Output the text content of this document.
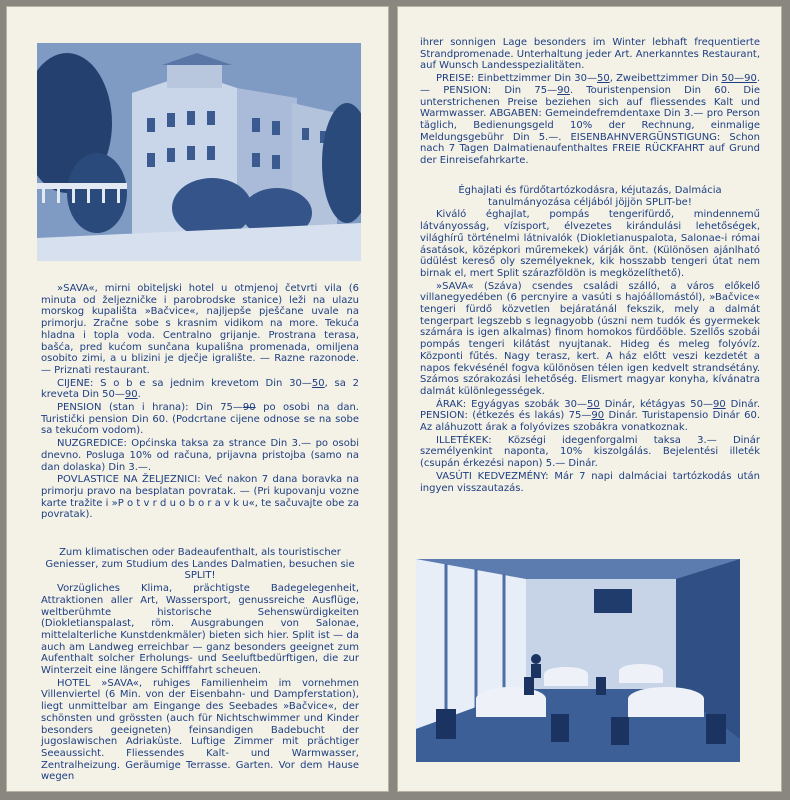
»SAVA«, mirni obiteljski hotel u otmjenoj četvrti vila (6 minuta od željezničke i parobrodske stanice) leži na ulazu morskog kupališta »Bačvice«, najljepše pješčane uvale na primorju. Zračne sobe s krasnim vidikom na more. Tekuća hladna i topla voda. Centralno grijanje. Prostrana terasa, bašća, pred kućom sunčana kupališna promenada, omiljena osobito zimi, a u blizini je dječje igralište. — Razne razonode. — Priznati restaurant.

CIJENE: S o b e sa jednim krevetom Din 30—50, sa 2 kreveta Din 50—90.

PENSION (stan i hrana): Din 75—90 po osobi na dan. Turistički pension Din 60. (Podcrtane cijene odnose se na sobe sa tekućom vodom).

NUZGREDICE: Općinska taksa za strance Din 3.— po osobi dnevno. Posluga 10% od računa, prijavna pristojba (samo na dan dolaska) Din 3.—.

POVLASTICE NA ŽELJEZNICI: Već nakon 7 dana boravka na primorju pravo na besplatan povratak. — (Pri kupovanju vozne karte tražite i »P o t v r d u o b o r a v k u«, te sačuvajte obe za povratak).

Zum klimatischen oder Badeaufenthalt, als touristischer Geniesser, zum Studium des Landes Dalmatien, besuchen sie SPLIT!

Vorzügliches Klima, prächtigste Badegelegenheit, Attraktionen aller Art, Wassersport, genussreiche Ausflüge, weltberühmte historische Sehenswürdigkeiten (Diokletianspalast, röm. Ausgrabungen von Salonae, mittelalterliche Kunstdenkmäler) bieten sich hier. Split ist — da auch am Landweg erreichbar — ganz besonders geeignet zum Aufenthalt solcher Erholungs- und Seeluftbedürftigen, die zur Winterzeit eine längere Schifffahrt scheuen.

HOTEL »SAVA«, ruhiges Familienheim im vornehmen Villenviertel (6 Min. von der Eisenbahn- und Dampferstation), liegt unmittelbar am Eingange des Seebades »Bačvice«, der schönsten und grössten (auch für Nichtschwimmer und Kinder besonders geeigneten) feinsandigen Badebucht der jugoslawischen Adriaküste. Luftige Zimmer mit prächtiger Seeaussicht. Fliessendes Kalt- und Warmwasser, Zentralheizung. Geräumige Terrasse. Garten. Vor dem Hause wegen

ihrer sonnigen Lage besonders im Winter lebhaft frequentierte Strandpromenade. Unterhaltung jeder Art. Anerkanntes Restaurant, auf Wunsch Landesspezialitäten.

PREISE: Einbettzimmer Din 30—50, Zweibettzimmer Din 50—90. — PENSION: Din 75—90. Touristenpension Din 60. Die unterstrichenen Preise beziehen sich auf fliessendes Kalt und Warmwasser. ABGABEN: Gemeindefremdentaxe Din 3.— pro Person täglich, Bedienungsgeld 10% der Rechnung, einmalige Meldungsgebühr Din 5.—. EISENBAHNVERGÜNSTIGUNG: Schon nach 7 Tagen Dalmatienaufenthaltes FREIE RÜCKFAHRT auf Grund der Einreisefahrkarte.

Éghajlati és fürdőtartózkodásra, kéjutazás, Dalmácia tanulmányozása céljából jöjjön SPLIT-be!

Kiváló éghajlat, pompás tengerifürdő, mindennemű látványosság, vízisport, élvezetes kirándulási lehetőségek, világhírű történelmi látnivalók (Diokletianuspalota, Salonae-i római ásatások, középkori műremekek) várják önt. (Különösen ajánlható üdülést kereső oly személyeknek, kik hosszabb tengeri útat nem birnak el, mert Split szárazföldön is megközelíthető).

»SAVA« (Száva) csendes családi szálló, a város előkelő villanegyedében (6 percnyire a vasúti s hajóállomástól), »Bačvice« tengeri fürdő közvetlen bejáratánál fekszik, mely a dalmát tengerpart legszebb s legnagyobb (úszni nem tudók és gyermekek számára is igen alkalmas) finom homokos fürdőöble. Szellős szobái pompás tengeri kilátást nyujtanak. Hideg és meleg folyóvíz. Központi fűtés. Nagy terasz, kert. A ház előtt veszi kezdetét a napos fekvésénél fogva különösen télen igen kedvelt strandsétány. Számos szórakozási lehetőség. Elismert magyar konyha, kívánatra dalmát különlegességek.

ÁRAK: Egyágyas szobák 30—50 Dinár, kétágyas 50—90 Dinár. PENSION: (étkezés és lakás) 75—90 Dinár. Turistapensio Dinár 60. Az aláhuzott árak a folyóvizes szobákra vonatkoznak.

ILLETÉKEK: Községi idegenforgalmi taksa 3.— Dinár személyenkint naponta, 10% kiszolgálás. Bejelentési illeték (csupán érkezési napon) 5.— Dinár.

VASÚTI KEDVEZMÉNY: Már 7 napi dalmáciai tartózkodás után ingyen visszautazás.
